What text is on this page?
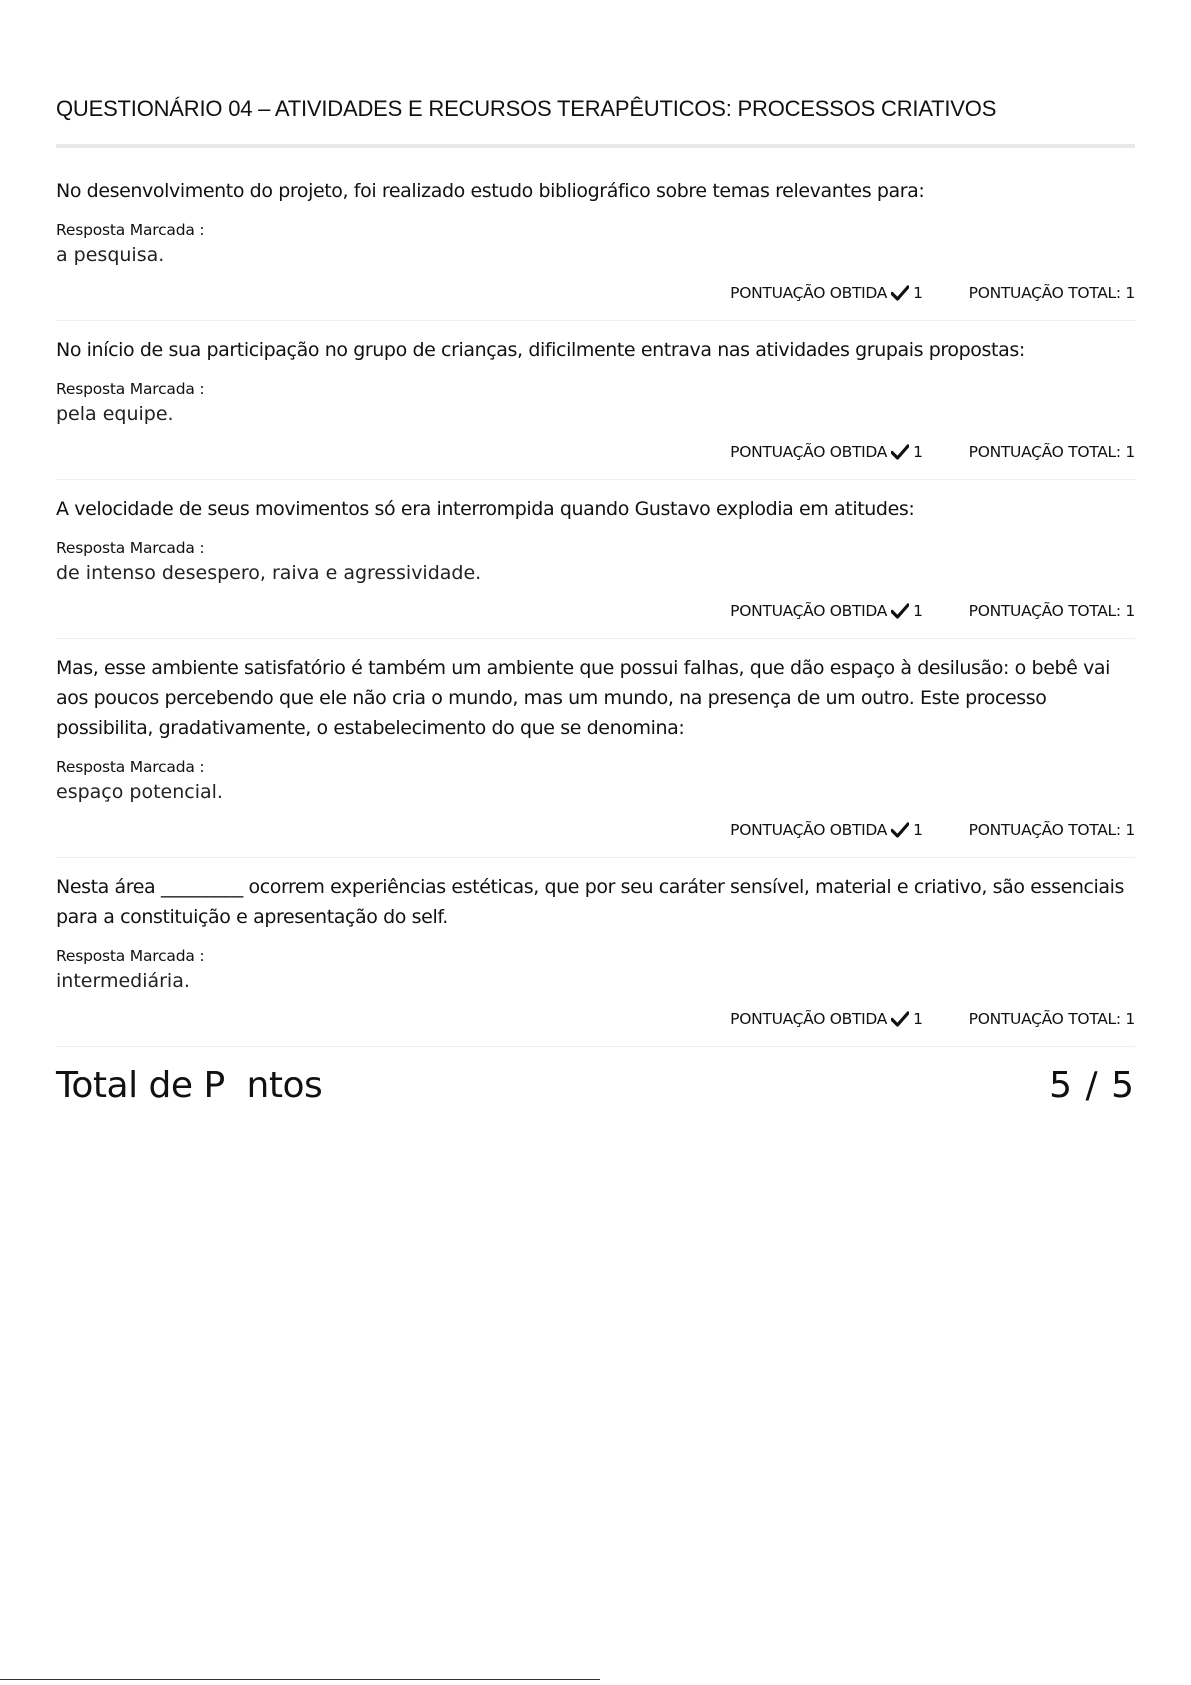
QUESTIONÁRIO 04 – ATIVIDADES E RECURSOS TERAPÊUTICOS: PROCESSOS CRIATIVOS

No desenvolvimento do projeto, foi realizado estudo bibliográfico sobre temas relevantes para:

Resposta Marcada :
a pesquisa.
PONTUAÇÃO OBTIDA 1	PONTUAÇÃO TOTAL: 1

No início de sua participação no grupo de crianças, dificilmente entrava nas atividades grupais propostas:

Resposta Marcada :
pela equipe.
PONTUAÇÃO OBTIDA 1	PONTUAÇÃO TOTAL: 1

A velocidade de seus movimentos só era interrompida quando Gustavo explodia em atitudes:

Resposta Marcada :
de intenso desespero, raiva e agressividade.
PONTUAÇÃO OBTIDA 1	PONTUAÇÃO TOTAL: 1

Mas, esse ambiente satisfatório é também um ambiente que possui falhas, que dão espaço à desilusão: o bebê vai aos poucos percebendo que ele não cria o mundo, mas um mundo, na presença de um outro. Este processo possibilita, gradativamente, o estabelecimento do que se denomina:

Resposta Marcada :
espaço potencial.
PONTUAÇÃO OBTIDA 1	PONTUAÇÃO TOTAL: 1

Nesta área _________ ocorrem experiências estéticas, que por seu caráter sensível, material e criativo, são essenciais para a constituição e apresentação do self.

Resposta Marcada :
intermediária.
PONTUAÇÃO OBTIDA 1	PONTUAÇÃO TOTAL: 1
Total de P  ntos	5 / 5
